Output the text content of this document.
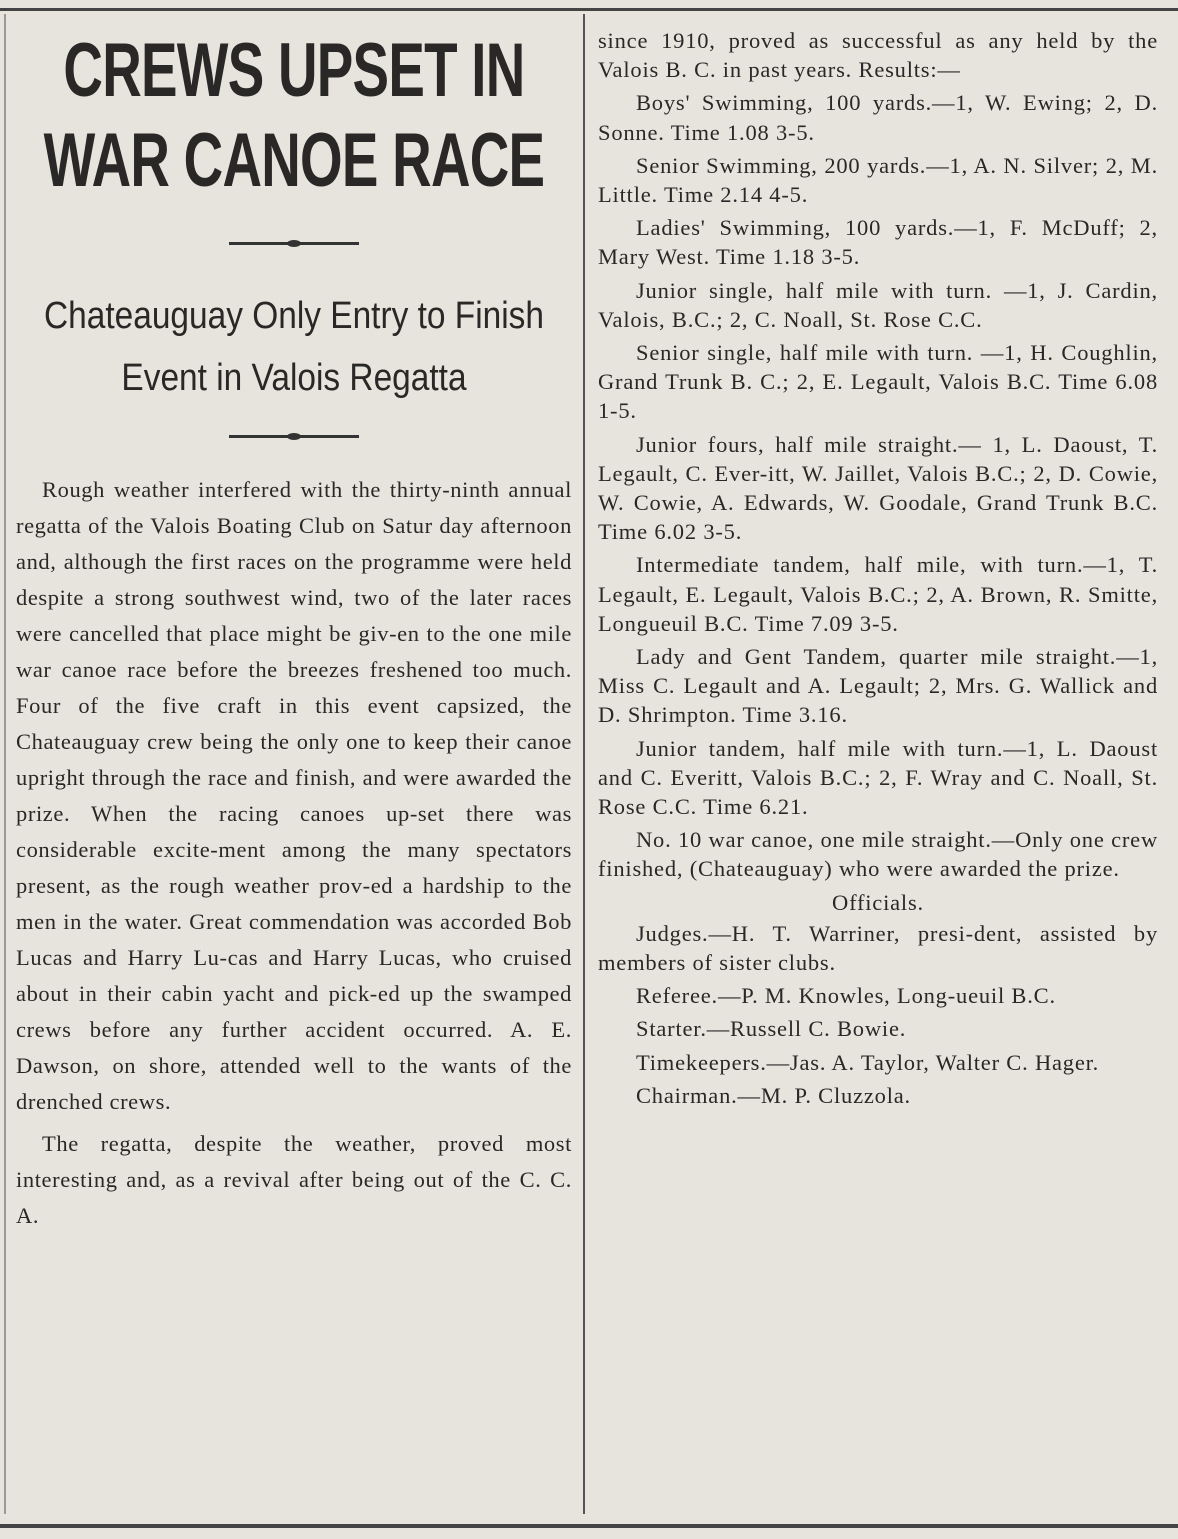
CREWS UPSET IN WAR CANOE RACE
Chateauguay Only Entry to Finish Event in Valois Regatta

Rough weather interfered with the thirty-ninth annual regatta of the Valois Boating Club on Satur day afternoon and, although the first races on the programme were held despite a strong southwest wind, two of the later races were cancelled that place might be giv-en to the one mile war canoe race before the breezes freshened too much. Four of the five craft in this event capsized, the Chateauguay crew being the only one to keep their canoe upright through the race and finish, and were awarded the prize. When the racing canoes up-set there was considerable excite-ment among the many spectators present, as the rough weather prov-ed a hardship to the men in the water. Great commendation was accorded Bob Lucas and Harry Lu-cas and Harry Lucas, who cruised about in their cabin yacht and pick-ed up the swamped crews before any further accident occurred. A. E. Dawson, on shore, attended well to the wants of the drenched crews.

The regatta, despite the weather, proved most interesting and, as a revival after being out of the C. C. A.

since 1910, proved as successful as any held by the Valois B. C. in past years. Results:—

Boys' Swimming, 100 yards.—1, W. Ewing; 2, D. Sonne. Time 1.08 3-5.

Senior Swimming, 200 yards.—1, A. N. Silver; 2, M. Little. Time 2.14 4-5.

Ladies' Swimming, 100 yards.—1, F. McDuff; 2, Mary West. Time 1.18 3-5.

Junior single, half mile with turn. —1, J. Cardin, Valois, B.C.; 2, C. Noall, St. Rose C.C.

Senior single, half mile with turn. —1, H. Coughlin, Grand Trunk B. C.; 2, E. Legault, Valois B.C. Time 6.08 1-5.

Junior fours, half mile straight.— 1, L. Daoust, T. Legault, C. Ever-itt, W. Jaillet, Valois B.C.; 2, D. Cowie, W. Cowie, A. Edwards, W. Goodale, Grand Trunk B.C. Time 6.02 3-5.

Intermediate tandem, half mile, with turn.—1, T. Legault, E. Legault, Valois B.C.; 2, A. Brown, R. Smitte, Longueuil B.C. Time 7.09 3-5.

Lady and Gent Tandem, quarter mile straight.—1, Miss C. Legault and A. Legault; 2, Mrs. G. Wallick and D. Shrimpton. Time 3.16.

Junior tandem, half mile with turn.—1, L. Daoust and C. Everitt, Valois B.C.; 2, F. Wray and C. Noall, St. Rose C.C. Time 6.21.

No. 10 war canoe, one mile straight.—Only one crew finished, (Chateauguay) who were awarded the prize.

Officials.

Judges.—H. T. Warriner, presi-dent, assisted by members of sister clubs.

Referee.—P. M. Knowles, Long-ueuil B.C.

Starter.—Russell C. Bowie.

Timekeepers.—Jas. A. Taylor, Walter C. Hager.

Chairman.—M. P. Cluzzola.
